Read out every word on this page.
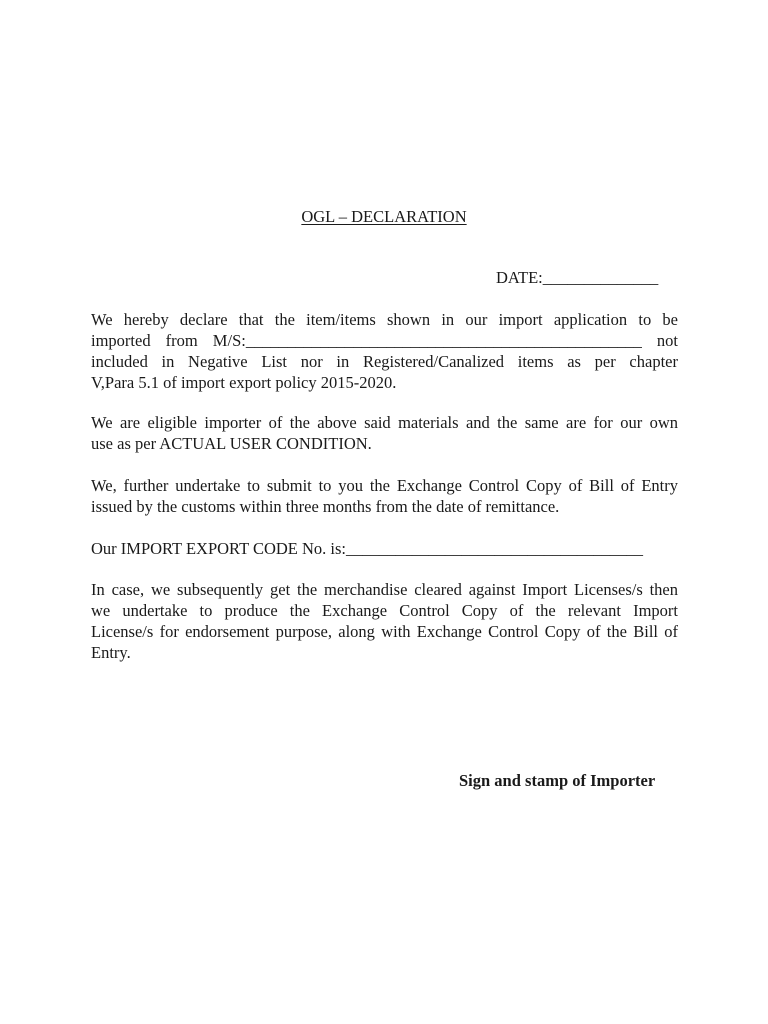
OGL – DECLARATION
DATE:______________
We hereby declare that the item/items shown in our import application to be
imported from M/S:________________________________________________ not
included in Negative List nor in Registered/Canalized items as per chapter
V,Para 5.1 of import export policy 2015-2020.
We are eligible importer of the above said materials and the same are for our own
use as per ACTUAL USER CONDITION.
We, further undertake to submit to you the Exchange Control Copy of Bill of Entry
issued by the customs within three months from the date of remittance.
Our IMPORT EXPORT CODE No. is:____________________________________
In case, we subsequently get the merchandise cleared against Import Licenses/s then
we undertake to produce the Exchange Control Copy of the relevant Import
License/s for endorsement purpose, along with Exchange Control Copy of the Bill of
Entry.
Sign and stamp of Importer
